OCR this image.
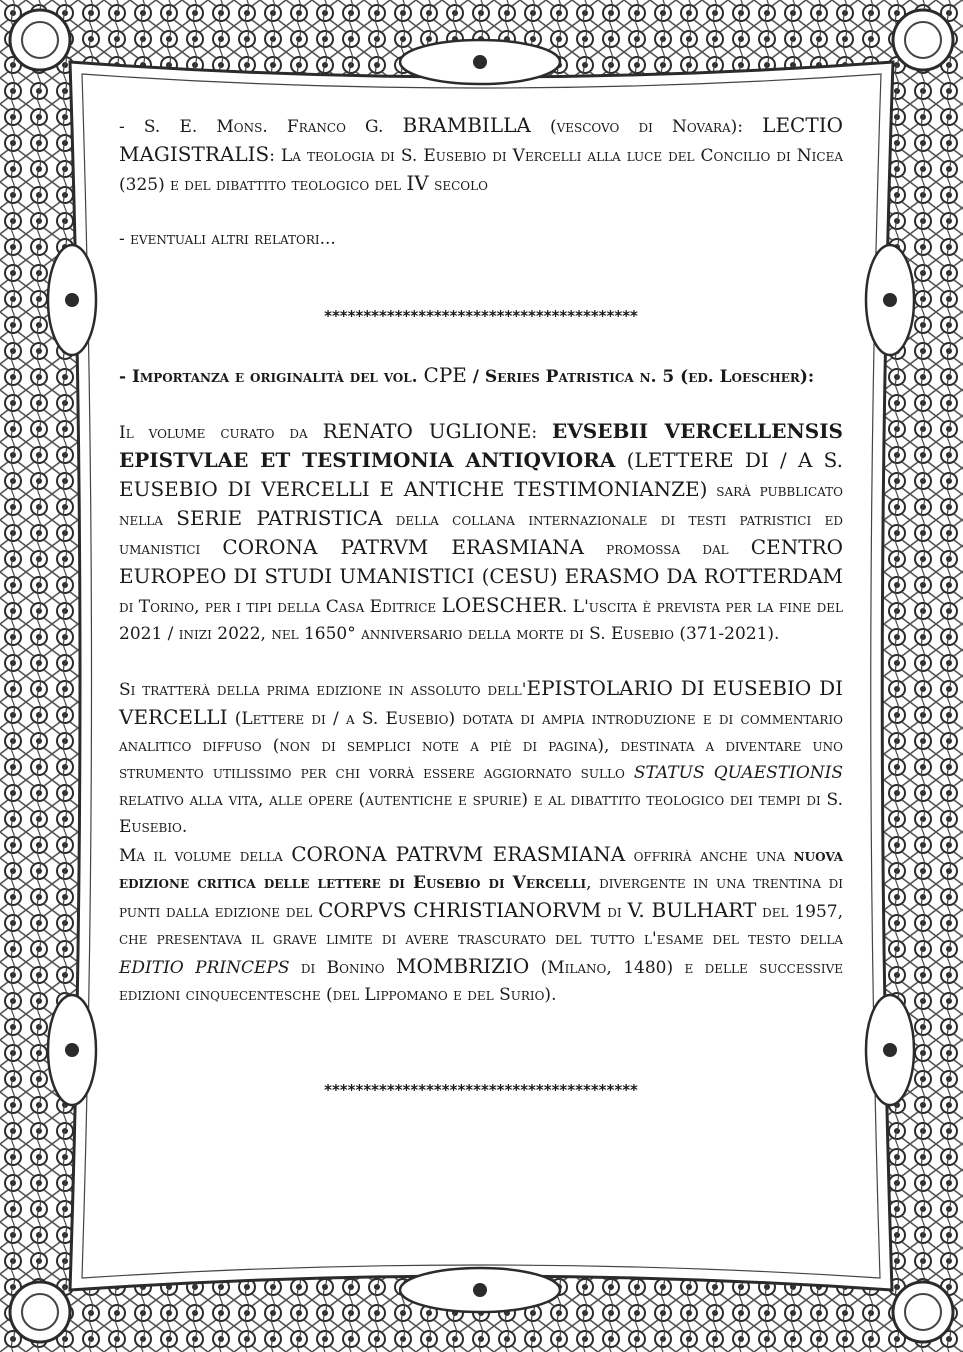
- S. E. Mons. Franco G. BRAMBILLA (vescovo di Novara): LECTIO MAGISTRALIS: La teologia di S. Eusebio di Vercelli alla luce del Concilio di Nicea (325) e del dibattito teologico del IV secolo

- eventuali altri relatori...

****************************************

- Importanza e originalità del vol. CPE / Series Patristica n. 5 (ed. Loescher):

Il volume curato da RENATO UGLIONE: EVSEBII VERCELLENSIS EPISTVLAE ET TESTIMONIA ANTIQVIORA (LETTERE DI / A S. EUSEBIO DI VERCELLI E ANTICHE TESTIMONIANZE) sarà pubblicato nella SERIE PATRISTICA della collana internazionale di testi patristici ed umanistici CORONA PATRVM ERASMIANA promossa dal CENTRO EUROPEO DI STUDI UMANISTICI (CESU) ERASMO DA ROTTERDAM di Torino, per i tipi della Casa Editrice LOESCHER. L'uscita è prevista per la fine del 2021 / inizi 2022, nel 1650° anniversario della morte di S. Eusebio (371-2021).

Si tratterà della prima edizione in assoluto dell'EPISTOLARIO DI EUSEBIO DI VERCELLI (Lettere di / a S. Eusebio) dotata di ampia introduzione e di commentario analitico diffuso (non di semplici note a piè di pagina), destinata a diventare uno strumento utilissimo per chi vorrà essere aggiornato sullo STATUS QUAESTIONIS relativo alla vita, alle opere (autentiche e spurie) e al dibattito teologico dei tempi di S. Eusebio.

Ma il volume della CORONA PATRVM ERASMIANA offrirà anche una nuova edizione critica delle lettere di Eusebio di Vercelli, divergente in una trentina di punti dalla edizione del CORPVS CHRISTIANORVM di V. BULHART del 1957, che presentava il grave limite di avere trascurato del tutto l'esame del testo della EDITIO PRINCEPS di Bonino MOMBRIZIO (Milano, 1480) e delle successive edizioni cinquecentesche (del Lippomano e del Surio).

****************************************
